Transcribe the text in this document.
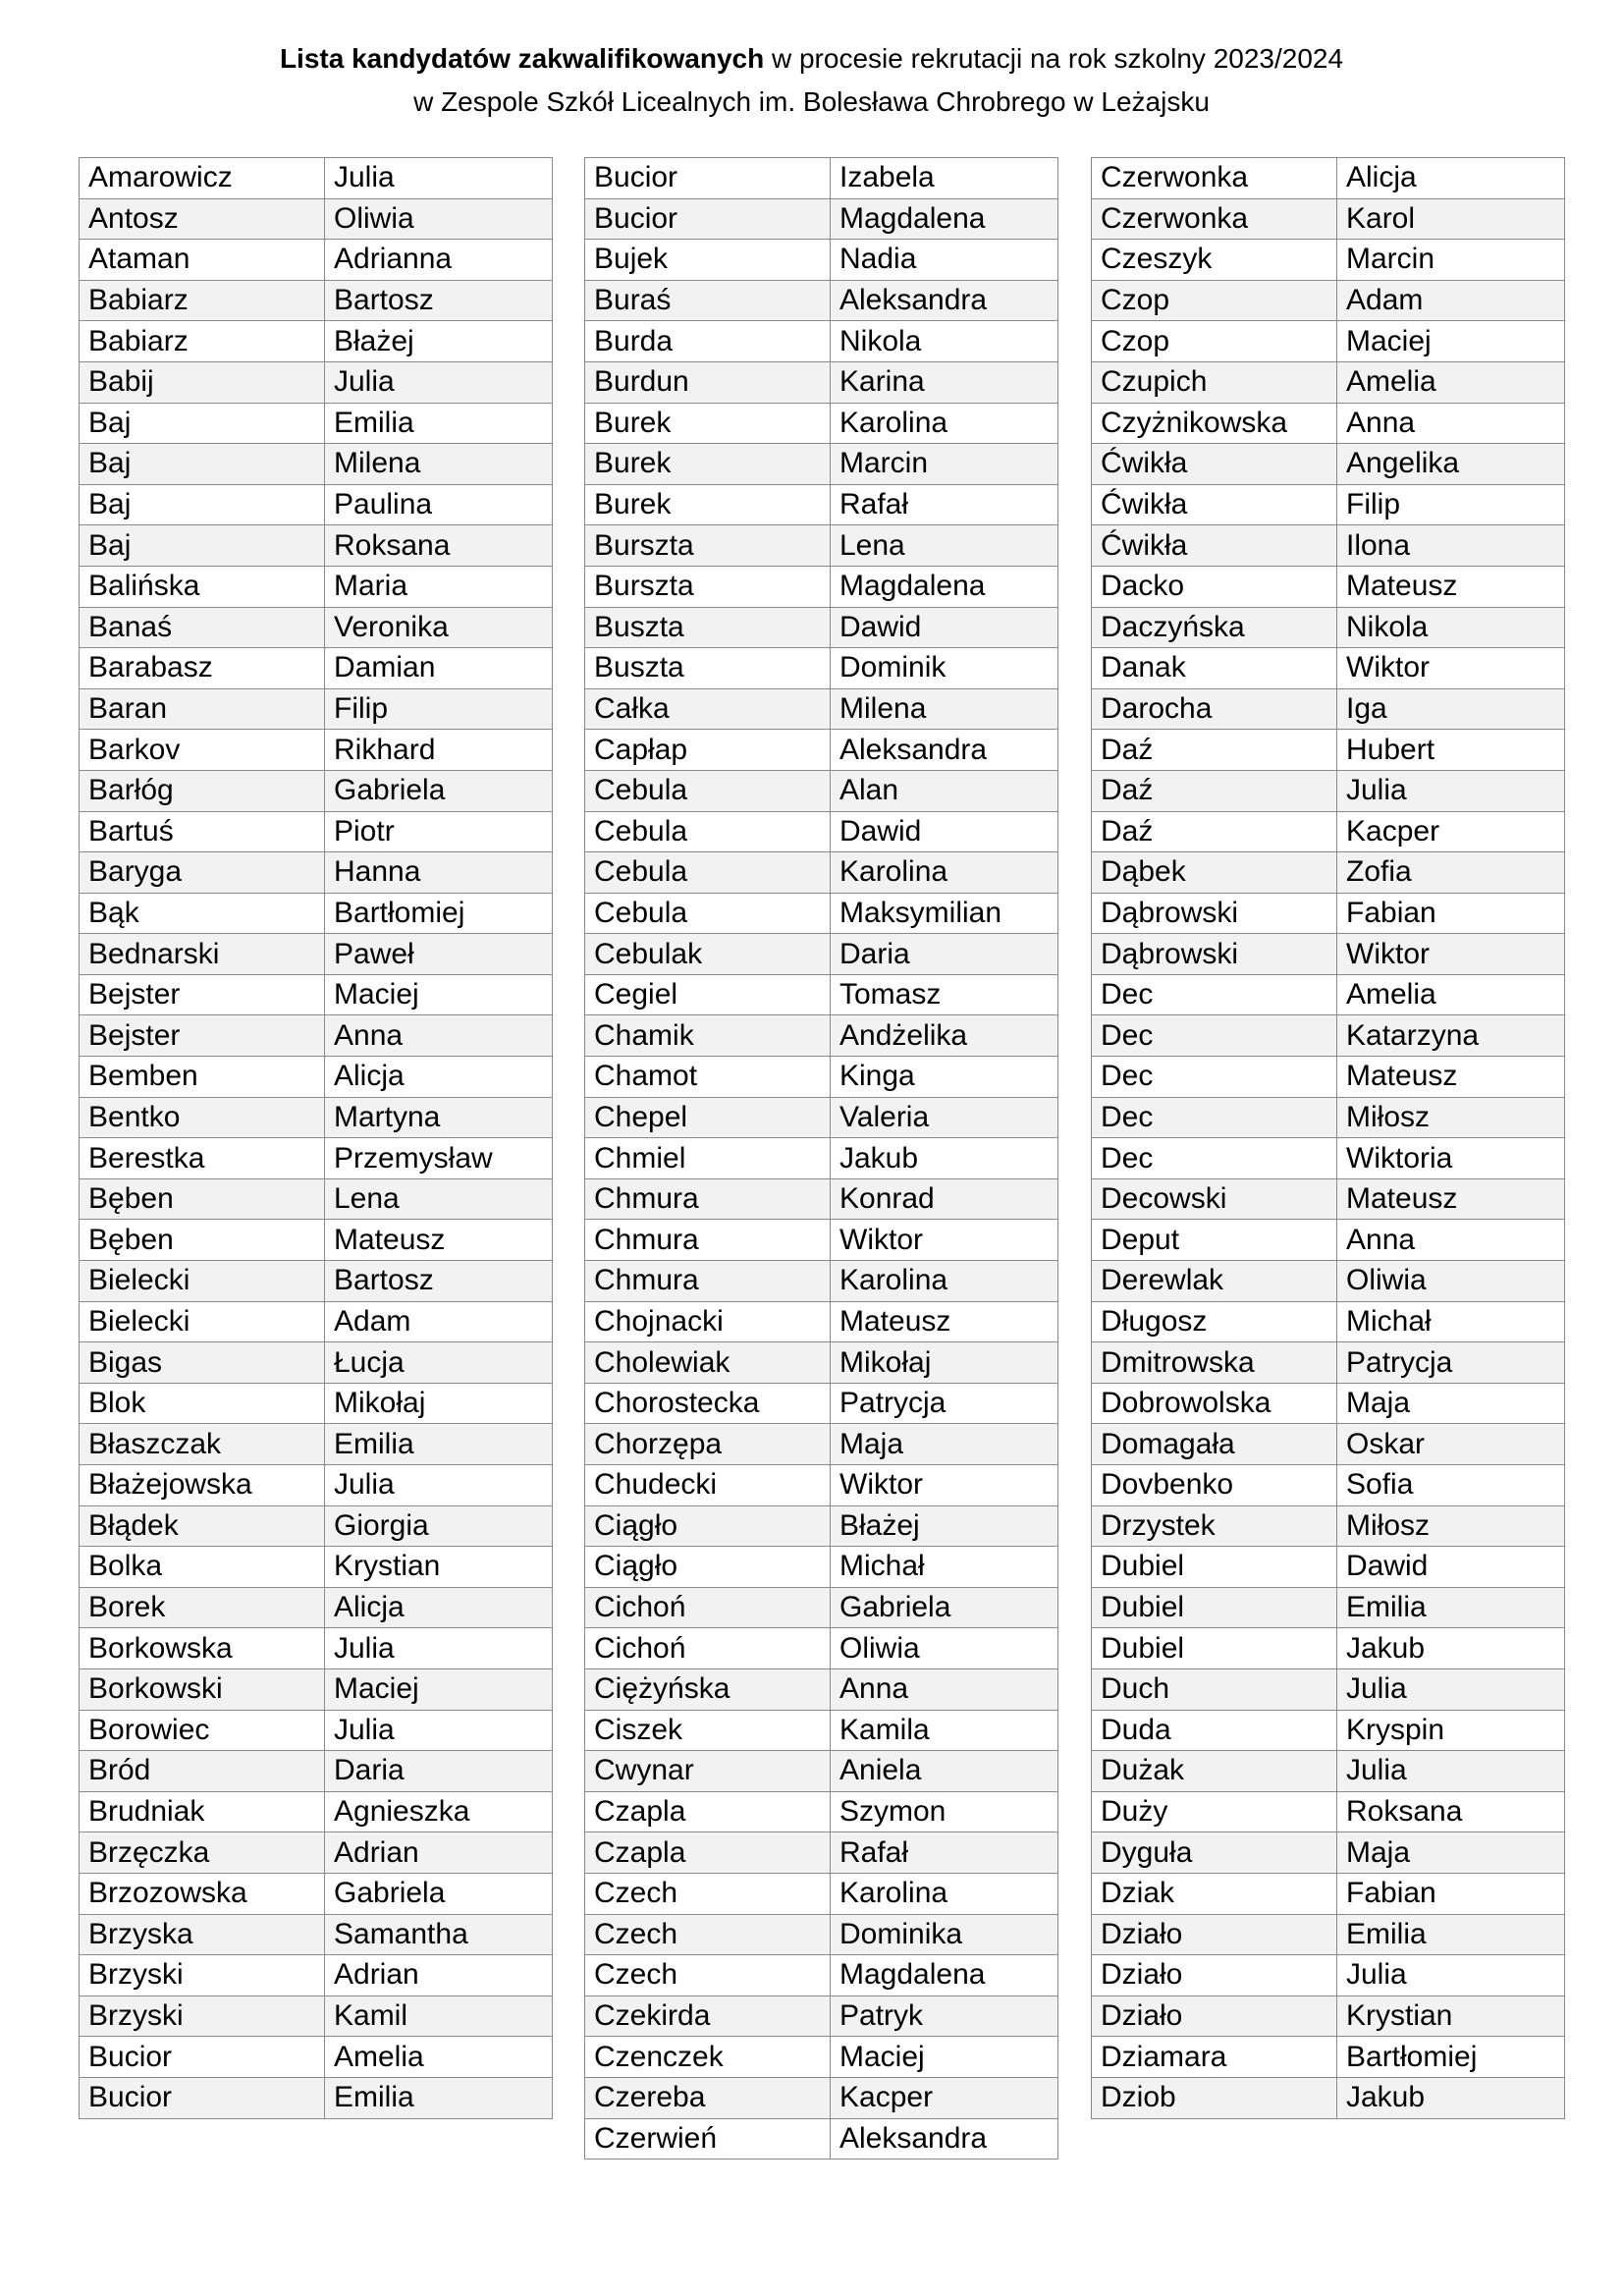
Lista kandydatów zakwalifikowanych w procesie rekrutacji na rok szkolny 2023/2024
w Zespole Szkół Licealnych im. Bolesława Chrobrego w Leżajsku
Amarowicz	Julia
Antosz	Oliwia
Ataman	Adrianna
Babiarz	Bartosz
Babiarz	Błażej
Babij	Julia
Baj	Emilia
Baj	Milena
Baj	Paulina
Baj	Roksana
Balińska	Maria
Banaś	Veronika
Barabasz	Damian
Baran	Filip
Barkov	Rikhard
Barłóg	Gabriela
Bartuś	Piotr
Baryga	Hanna
Bąk	Bartłomiej
Bednarski	Paweł
Bejster	Maciej
Bejster	Anna
Bemben	Alicja
Bentko	Martyna
Berestka	Przemysław
Bęben	Lena
Bęben	Mateusz
Bielecki	Bartosz
Bielecki	Adam
Bigas	Łucja
Blok	Mikołaj
Błaszczak	Emilia
Błażejowska	Julia
Błądek	Giorgia
Bolka	Krystian
Borek	Alicja
Borkowska	Julia
Borkowski	Maciej
Borowiec	Julia
Bród	Daria
Brudniak	Agnieszka
Brzęczka	Adrian
Brzozowska	Gabriela
Brzyska	Samantha
Brzyski	Adrian
Brzyski	Kamil
Bucior	Amelia
Bucior	Emilia
Bucior	Izabela
Bucior	Magdalena
Bujek	Nadia
Buraś	Aleksandra
Burda	Nikola
Burdun	Karina
Burek	Karolina
Burek	Marcin
Burek	Rafał
Burszta	Lena
Burszta	Magdalena
Buszta	Dawid
Buszta	Dominik
Całka	Milena
Capłap	Aleksandra
Cebula	Alan
Cebula	Dawid
Cebula	Karolina
Cebula	Maksymilian
Cebulak	Daria
Cegiel	Tomasz
Chamik	Andżelika
Chamot	Kinga
Chepel	Valeria
Chmiel	Jakub
Chmura	Konrad
Chmura	Wiktor
Chmura	Karolina
Chojnacki	Mateusz
Cholewiak	Mikołaj
Chorostecka	Patrycja
Chorzępa	Maja
Chudecki	Wiktor
Ciągło	Błażej
Ciągło	Michał
Cichoń	Gabriela
Cichoń	Oliwia
Ciężyńska	Anna
Ciszek	Kamila
Cwynar	Aniela
Czapla	Szymon
Czapla	Rafał
Czech	Karolina
Czech	Dominika
Czech	Magdalena
Czekirda	Patryk
Czenczek	Maciej
Czereba	Kacper
Czerwień	Aleksandra
Czerwonka	Alicja
Czerwonka	Karol
Czeszyk	Marcin
Czop	Adam
Czop	Maciej
Czupich	Amelia
Czyżnikowska	Anna
Ćwikła	Angelika
Ćwikła	Filip
Ćwikła	Ilona
Dacko	Mateusz
Daczyńska	Nikola
Danak	Wiktor
Darocha	Iga
Daź	Hubert
Daź	Julia
Daź	Kacper
Dąbek	Zofia
Dąbrowski	Fabian
Dąbrowski	Wiktor
Dec	Amelia
Dec	Katarzyna
Dec	Mateusz
Dec	Miłosz
Dec	Wiktoria
Decowski	Mateusz
Deput	Anna
Derewlak	Oliwia
Długosz	Michał
Dmitrowska	Patrycja
Dobrowolska	Maja
Domagała	Oskar
Dovbenko	Sofia
Drzystek	Miłosz
Dubiel	Dawid
Dubiel	Emilia
Dubiel	Jakub
Duch	Julia
Duda	Kryspin
Dużak	Julia
Duży	Roksana
Dyguła	Maja
Dziak	Fabian
Działo	Emilia
Działo	Julia
Działo	Krystian
Dziamara	Bartłomiej
Dziob	Jakub
